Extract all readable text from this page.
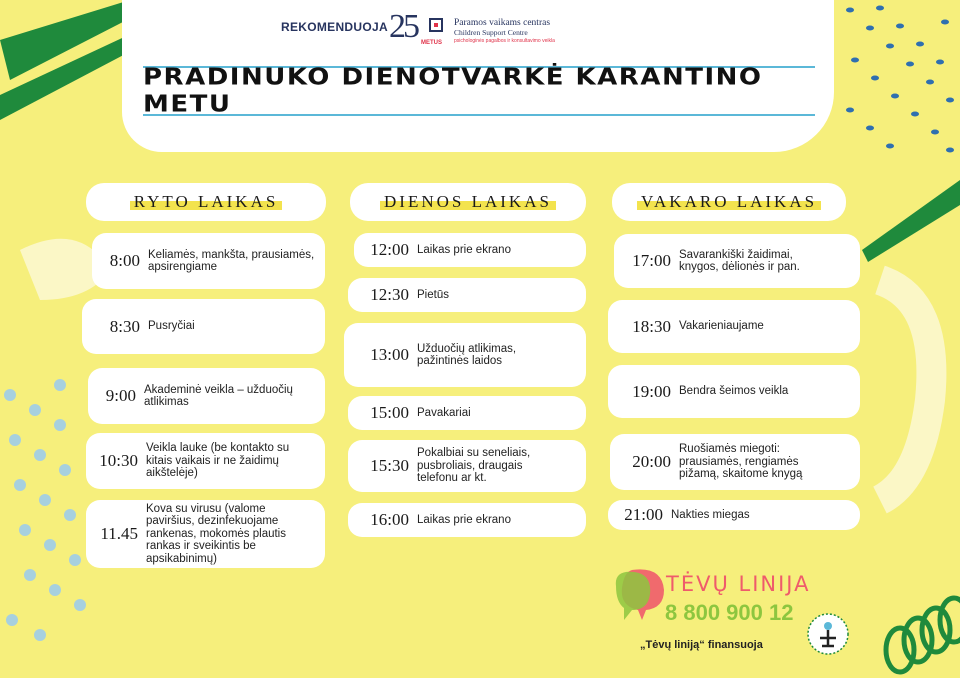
REKOMENDUOJA 25 METUS
Paramos vaikams centras
Children Support Centre
psichologinės pagalbos ir konsultavimo veikla
PRADINUKO DIENOTVARKĖ KARANTINO METU
RYTO LAIKAS	DIENOS LAIKAS	VAKARO LAIKAS
8:00 Keliamės, mankšta, prausiamės, apsirengiame
8:30 Pusryčiai
9:00 Akademinė veikla – užduočių atlikimas
10:30
Veikla lauke (be kontakto su kitais vaikais ir ne žaidimų aikštelėje)
11.45
Kova su virusu (valome paviršius, dezinfekuojame rankenas, mokomės plautis rankas ir sveikintis be apsikabinimų)
12:00 Laikas prie ekrano
12:30 Pietūs
13:00 Užduočių atlikimas, pažintinės laidos
15:00 Pavakariai
15:30
Pokalbiai su seneliais, pusbroliais, draugais telefonu ar kt.
16:00 Laikas prie ekrano
17:00 Savarankiški žaidimai, knygos, dėlionės ir pan.
18:30 Vakarieniaujame
19:00 Bendra šeimos veikla
20:00
Ruošiamės miegoti: prausiamės, rengiamės pižamą, skaitome knygą
21:00 Nakties miegas
TĖVŲ LINIJA
8 800 900 12
„Tėvų liniją“ finansuoja
